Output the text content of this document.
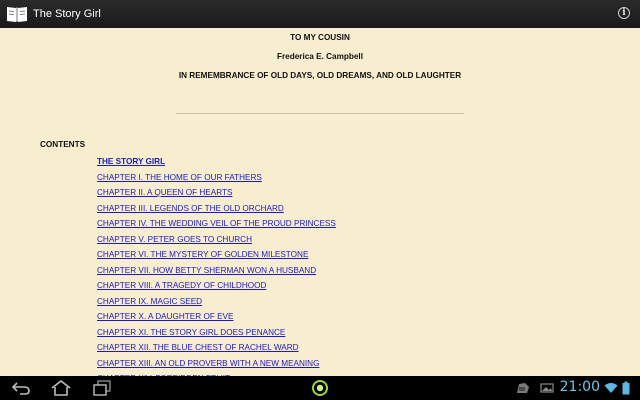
The Story Girl	i
TO MY COUSIN
Frederica E. Campbell
IN REMEMBRANCE OF OLD DAYS, OLD DREAMS, AND OLD LAUGHTER
CONTENTS
THE STORY GIRL
CHAPTER I. THE HOME OF OUR FATHERS
CHAPTER II. A QUEEN OF HEARTS
CHAPTER III. LEGENDS OF THE OLD ORCHARD
CHAPTER IV. THE WEDDING VEIL OF THE PROUD PRINCESS
CHAPTER V. PETER GOES TO CHURCH
CHAPTER VI. THE MYSTERY OF GOLDEN MILESTONE
CHAPTER VII. HOW BETTY SHERMAN WON A HUSBAND
CHAPTER VIII. A TRAGEDY OF CHILDHOOD
CHAPTER IX. MAGIC SEED
CHAPTER X. A DAUGHTER OF EVE
CHAPTER XI. THE STORY GIRL DOES PENANCE
CHAPTER XII. THE BLUE CHEST OF RACHEL WARD
CHAPTER XIII. AN OLD PROVERB WITH A NEW MEANING
21:00
